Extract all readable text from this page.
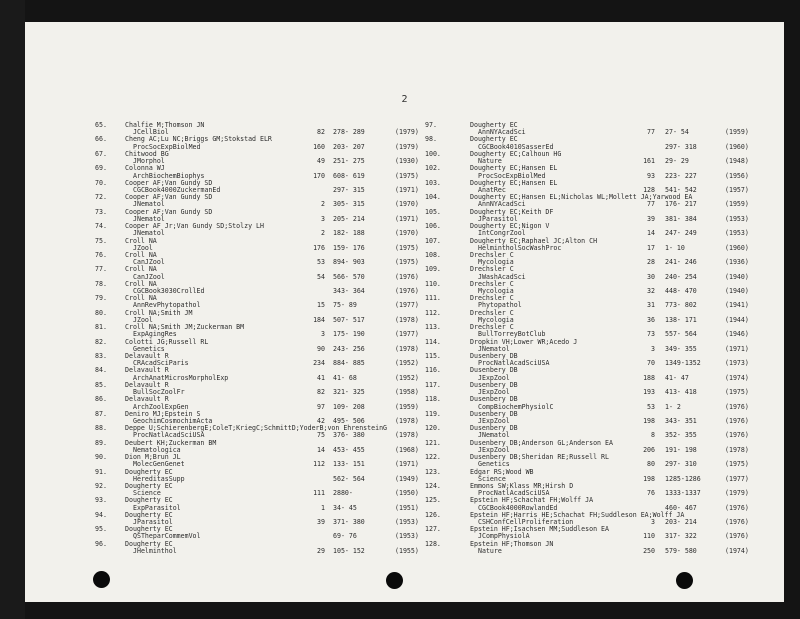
2
65.	Chalfie M;Thomson JN
JCellBiol	82 278- 289	(1979)
66.	Cheng AC;Lu NC;Briggs GM;Stokstad ELR
ProcSocExpBiolMed	160 203- 207	(1979)
67.	Chitwood BG
JMorphol	49 251- 275	(1930)
69.	Colonna WJ
ArchBiochemBiophys	170 608- 619	(1975)
70.	Cooper AF;Van Gundy SD
CGCBook4000ZuckermanEd	297- 315	(1971)
72.	Cooper AF;Van Gundy SD
JNematol	2 305- 315	(1970)
73.	Cooper AF;Van Gundy SD
JNematol	3 205- 214	(1971)
74.	Cooper AF Jr;Van Gundy SD;Stolzy LH
JNematol	2 182- 188	(1970)
75.	Croll NA
JZool	176 159- 176	(1975)
76.	Croll NA
CanJZool	53 894- 903	(1975)
77.	Croll NA
CanJZool	54 566- 570	(1976)
78.	Croll NA
CGCBook3030CrollEd	343- 364	(1976)
79.	Croll NA
AnnRevPhytopathol	15 75- 89	(1977)
80.	Croll NA;Smith JM
JZool	184 507- 517	(1978)
81.	Croll NA;Smith JM;Zuckerman BM
ExpAgingRes	3 175- 190	(1977)
82.	Colotti JG;Russell RL
Genetics	90 243- 256	(1978)
83.	Delavault R
CRAcadSciParis	234 884- 885	(1952)
84.	Delavault R
ArchAnatMicrosMorpholExp	41 41- 68	(1952)
85.	Delavault R
BullSocZoolFr	82 321- 325	(1958)
86.	Delavault R
ArchZoolExpGen	97 109- 208	(1959)
87.	Deniro MJ;Epstein S
GeochimCosmochimActa	42 495- 506	(1978)
88.	Deppe U;SchierenbergE;ColeT;KriegC;SchmittD;YoderB;von EhrensteinG
ProcNatlAcadSciUSA	75 376- 380	(1978)
89.	Deubert KH;Zuckerman BM
Nematologica	14 453- 455	(1968)
90.	Dion M;Brun JL
MolecGenGenet	112 133- 151	(1971)
91.	Dougherty EC
HereditasSupp	562- 564	(1949)
92.	Dougherty EC
Science	111 2880-	(1950)
93.	Dougherty EC
ExpParasitol	1 34- 45	(1951)
94.	Dougherty EC
JParasitol	39 371- 380	(1953)
95.	Dougherty EC
QSTheparCommemVol	69- 76	(1953)
96.	Dougherty EC
JHelminthol	29 105- 152	(1955)
97.	Dougherty EC
AnnNYAcadSci	77 27- 54	(1959)
98.	Dougherty EC
CGCBook4010SasserEd	297- 318	(1960)
100.	Dougherty EC;Calhoun HG
Nature	161 29- 29	(1948)
102.	Dougherty EC;Hansen EL
ProcSocExpBiolMed	93 223- 227	(1956)
103.	Dougherty EC;Hansen EL
AnatRec	128 541- 542	(1957)
104.	Dougherty EC;Hansen EL;Nicholas WL;Mollett JA;Yarwood EA
AnnNYAcadSci	77 176- 217	(1959)
105.	Dougherty EC;Keith DF
JParasitol	39 381- 384	(1953)
106.	Dougherty EC;Nigon V
IntCongrZool	14 247- 249	(1953)
107.	Dougherty EC;Raphael JC;Alton CH
HelmintholSocWashProc	17 1- 10	(1960)
108.	Drechsler C
Mycologia	28 241- 246	(1936)
109.	Drechsler C
JWashAcadSci	30 240- 254	(1940)
110.	Drechsler C
Mycologia	32 448- 470	(1940)
111.	Drechsler C
Phytopathol	31 773- 802	(1941)
112.	Drechsler C
Mycologia	36 138- 171	(1944)
113.	Drechsler C
BullTorreyBotClub	73 557- 564	(1946)
114.	Dropkin VH;Lower WR;Acedo J
JNematol	3 349- 355	(1971)
115.	Dusenbery DB
ProcNatlAcadSciUSA	70 1349-1352	(1973)
116.	Dusenbery DB
JExpZool	188 41- 47	(1974)
117.	Dusenbery DB
JExpZool	193 413- 418	(1975)
118.	Dusenbery DB
CompBiochemPhysiolC	53 1- 2	(1976)
119.	Dusenbery DB
JExpZool	198 343- 351	(1976)
120.	Dusenbery DB
JNematol	8 352- 355	(1976)
121.	Dusenbery DB;Anderson GL;Anderson EA
JExpZool	206 191- 198	(1978)
122.	Dusenbery DB;Sheridan RE;Russell RL
Genetics	80 297- 310	(1975)
123.	Edgar RS;Wood WB
Science	198 1285-1286	(1977)
124.	Emmons SW;Klass MR;Hirsh D
ProcNatlAcadSciUSA	76 1333-1337	(1979)
125.	Epstein HF;Schachat FH;Wolff JA
CGCBook4000RowlandEd	460- 467	(1976)
126.	Epstein HF;Harris HE;Schachat FH;Suddleson EA;Wolff JA
CSHConfCellProliferation	3 203- 214	(1976)
127.	Epstein HF;Isachsen MM;Suddleson EA
JCompPhysiolA	110 317- 322	(1976)
128.	Epstein HF;Thomson JN
Nature	250 579- 580	(1974)
